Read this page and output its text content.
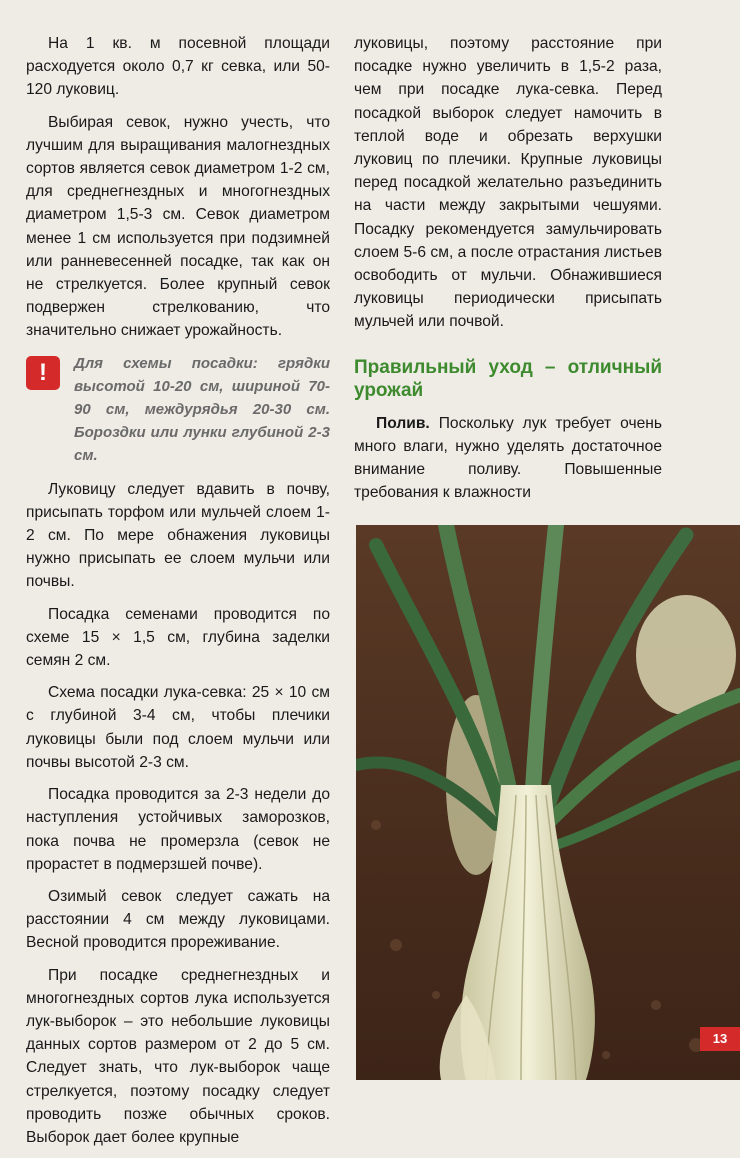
На 1 кв. м посевной площади расходуется около 0,7 кг севка, или 50-120 луковиц.

Выбирая севок, нужно учесть, что лучшим для выращивания малогнездных сортов является севок диаметром 1-2 см, для среднегнездных и многогнездных диаметром 1,5-3 см. Севок диаметром менее 1 см используется при подзимней или ранневесенней посадке, так как он не стрелкуется. Более крупный севок подвержен стрелкованию, что значительно снижает урожайность.

!	Для схемы посадки: грядки высотой 10-20 см, шириной 70-90 см, междурядья 20-30 см. Бороздки или лунки глубиной 2-3 см.

Луковицу следует вдавить в почву, присыпать торфом или мульчей слоем 1-2 см. По мере обнажения луковицы нужно присыпать ее слоем мульчи или почвы.

Посадка семенами проводится по схеме 15 × 1,5 см, глубина заделки семян 2 см.

Схема посадки лука-севка: 25 × 10 см с глубиной 3-4 см, чтобы плечики луковицы были под слоем мульчи или почвы высотой 2-3 см.

Посадка проводится за 2-3 недели до наступления устойчивых заморозков, пока почва не промерзла (севок не прорастет в подмерзшей почве).

Озимый севок следует сажать на расстоянии 4 см между луковицами. Весной проводится прореживание.

При посадке среднегнездных и многогнездных сортов лука используется лук-выборок – это небольшие луковицы данных сортов размером от 2 до 5 см. Следует знать, что лук-выборок чаще стрелкуется, поэтому посадку следует проводить позже обычных сроков. Выборок дает более крупные

луковицы, поэтому расстояние при посадке нужно увеличить в 1,5-2 раза, чем при посадке лука-севка. Перед посадкой выборок следует намочить в теплой воде и обрезать верхушки луковиц по плечики. Крупные луковицы перед посадкой желательно разъединить на части между закрытыми чешуями. Посадку рекомендуется замульчировать слоем 5-6 см, а после отрастания листьев освободить от мульчи. Обнажившиеся луковицы периодически присыпать мульчей или почвой.

Правильный уход – отличный урожай

Полив. Поскольку лук требует очень много влаги, нужно уделять достаточное внимание поливу. Повышенные требования к влажности

13
